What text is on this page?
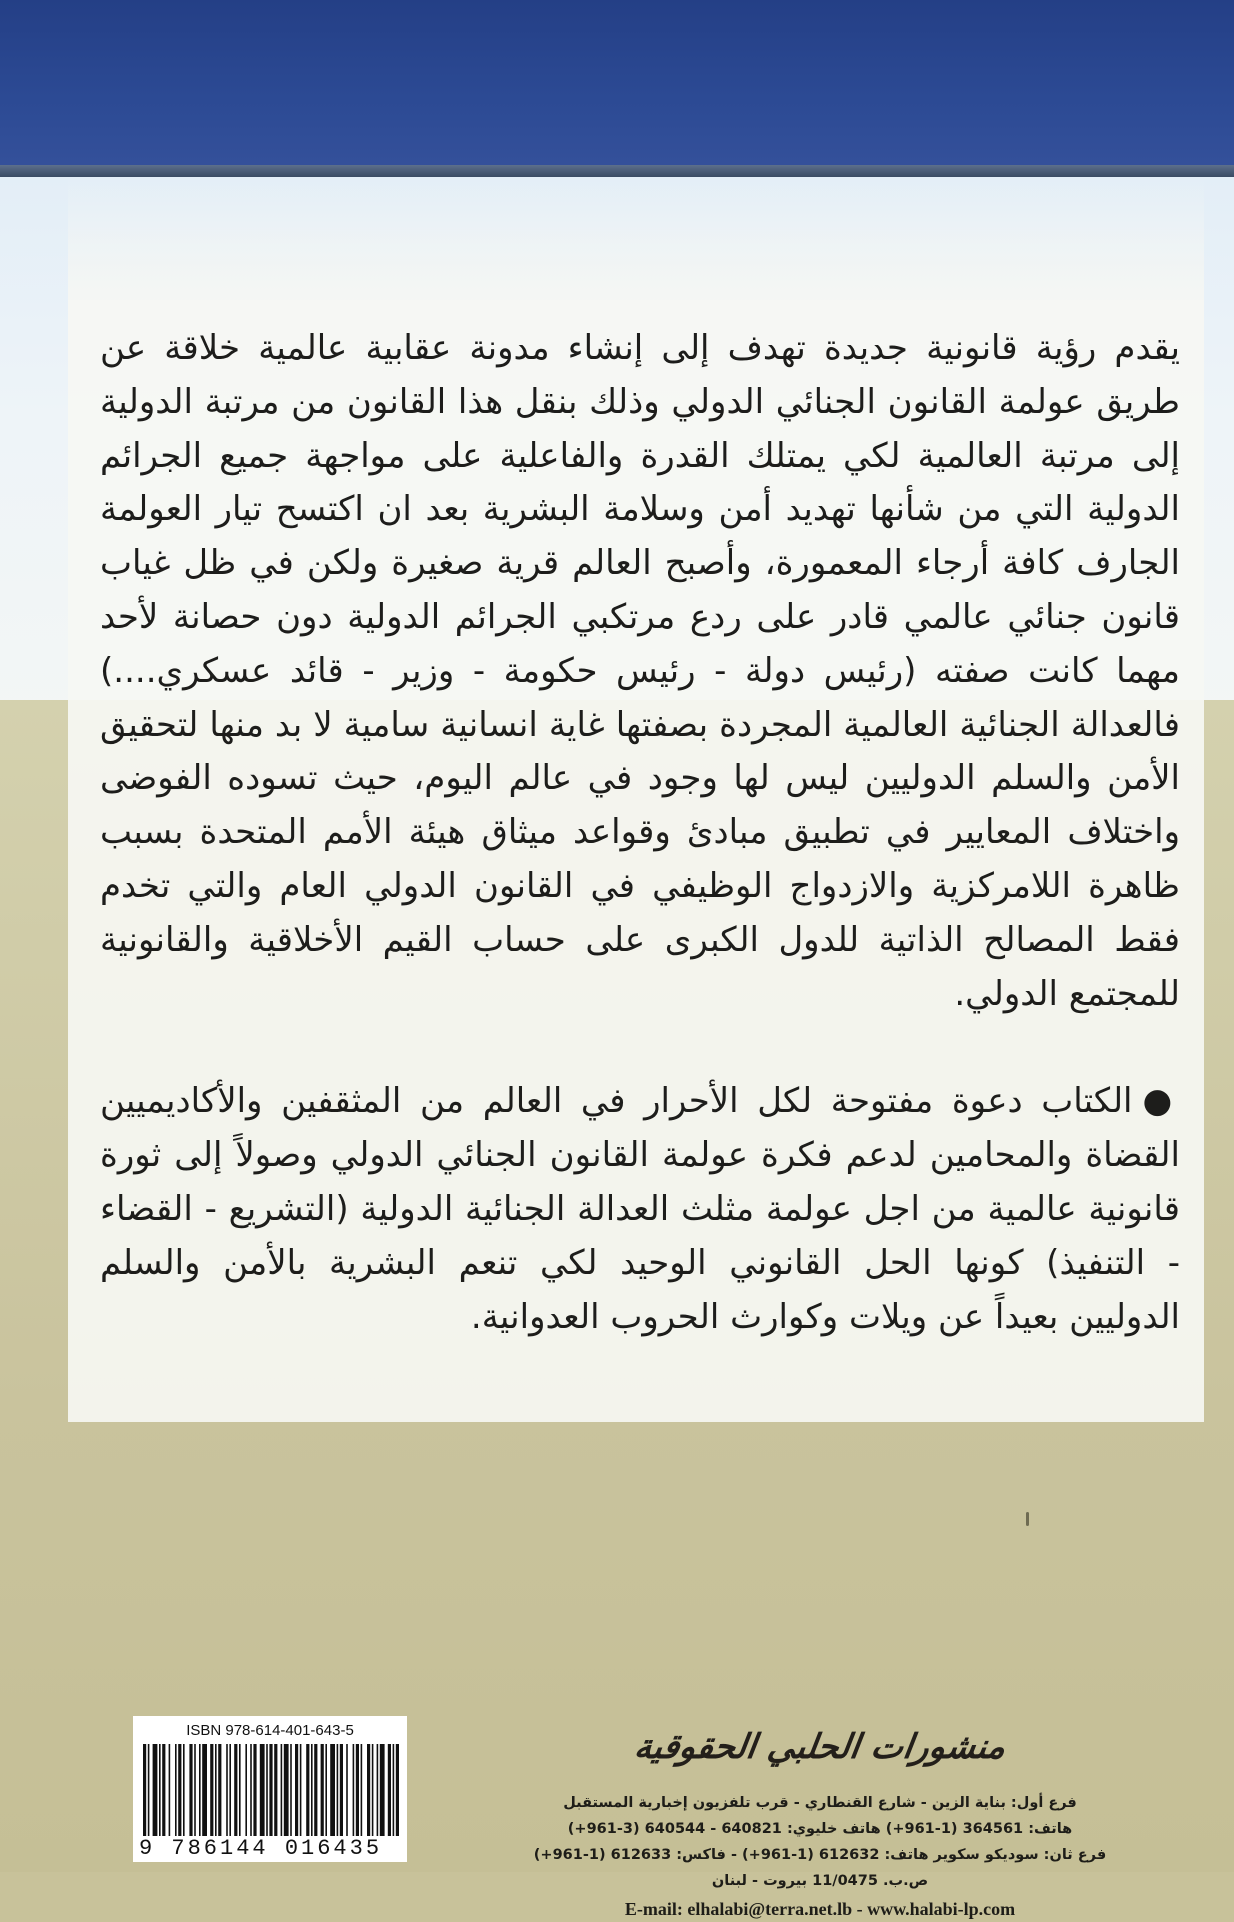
يقدم رؤية قانونية جديدة تهدف إلى إنشاء مدونة عقابية عالمية خلاقة عن طريق عولمة القانون الجنائي الدولي وذلك بنقل هذا القانون من مرتبة الدولية إلى مرتبة العالمية لكي يمتلك القدرة والفاعلية على مواجهة جميع الجرائم الدولية التي من شأنها تهديد أمن وسلامة البشرية بعد ان اكتسح تيار العولمة الجارف كافة أرجاء المعمورة، وأصبح العالم قرية صغيرة ولكن في ظل غياب قانون جنائي عالمي قادر على ردع مرتكبي الجرائم الدولية دون حصانة لأحد مهما كانت صفته (رئيس دولة - رئيس حكومة - وزير - قائد عسكري....) فالعدالة الجنائية العالمية المجردة بصفتها غاية انسانية سامية لا بد منها لتحقيق الأمن والسلم الدوليين ليس لها وجود في عالم اليوم، حيث تسوده الفوضى واختلاف المعايير في تطبيق مبادئ وقواعد ميثاق هيئة الأمم المتحدة بسبب ظاهرة اللامركزية والازدواج الوظيفي في القانون الدولي العام والتي تخدم فقط المصالح الذاتية للدول الكبرى على حساب القيم الأخلاقية والقانونية للمجتمع الدولي.

●الكتاب دعوة مفتوحة لكل الأحرار في العالم من المثقفين والأكاديميين القضاة والمحامين لدعم فكرة عولمة القانون الجنائي الدولي وصولاً إلى ثورة قانونية عالمية من اجل عولمة مثلث العدالة الجنائية الدولية (التشريع - القضاء - التنفيذ) كونها الحل القانوني الوحيد لكي تنعم البشرية بالأمن والسلم الدوليين بعيداً عن ويلات وكوارث الحروب العدوانية.

ISBN 978-614-401-643-5
9 786144 016435
منشورات الحلبي الحقوقية

فرع أول: بناية الزين - شارع القنطاري - قرب تلفزيون إخبارية المستقبل

هاتف: 364561 (1-961+) هاتف خليوي: 640821 - 640544 (3-961+)

فرع ثان: سوديكو سكوير هاتف: 612632 (1-961+) - فاكس: 612633 (1-961+)

ص.ب. 11/0475 بيروت - لبنان

E-mail: elhalabi@terra.net.lb - www.halabi-lp.com
